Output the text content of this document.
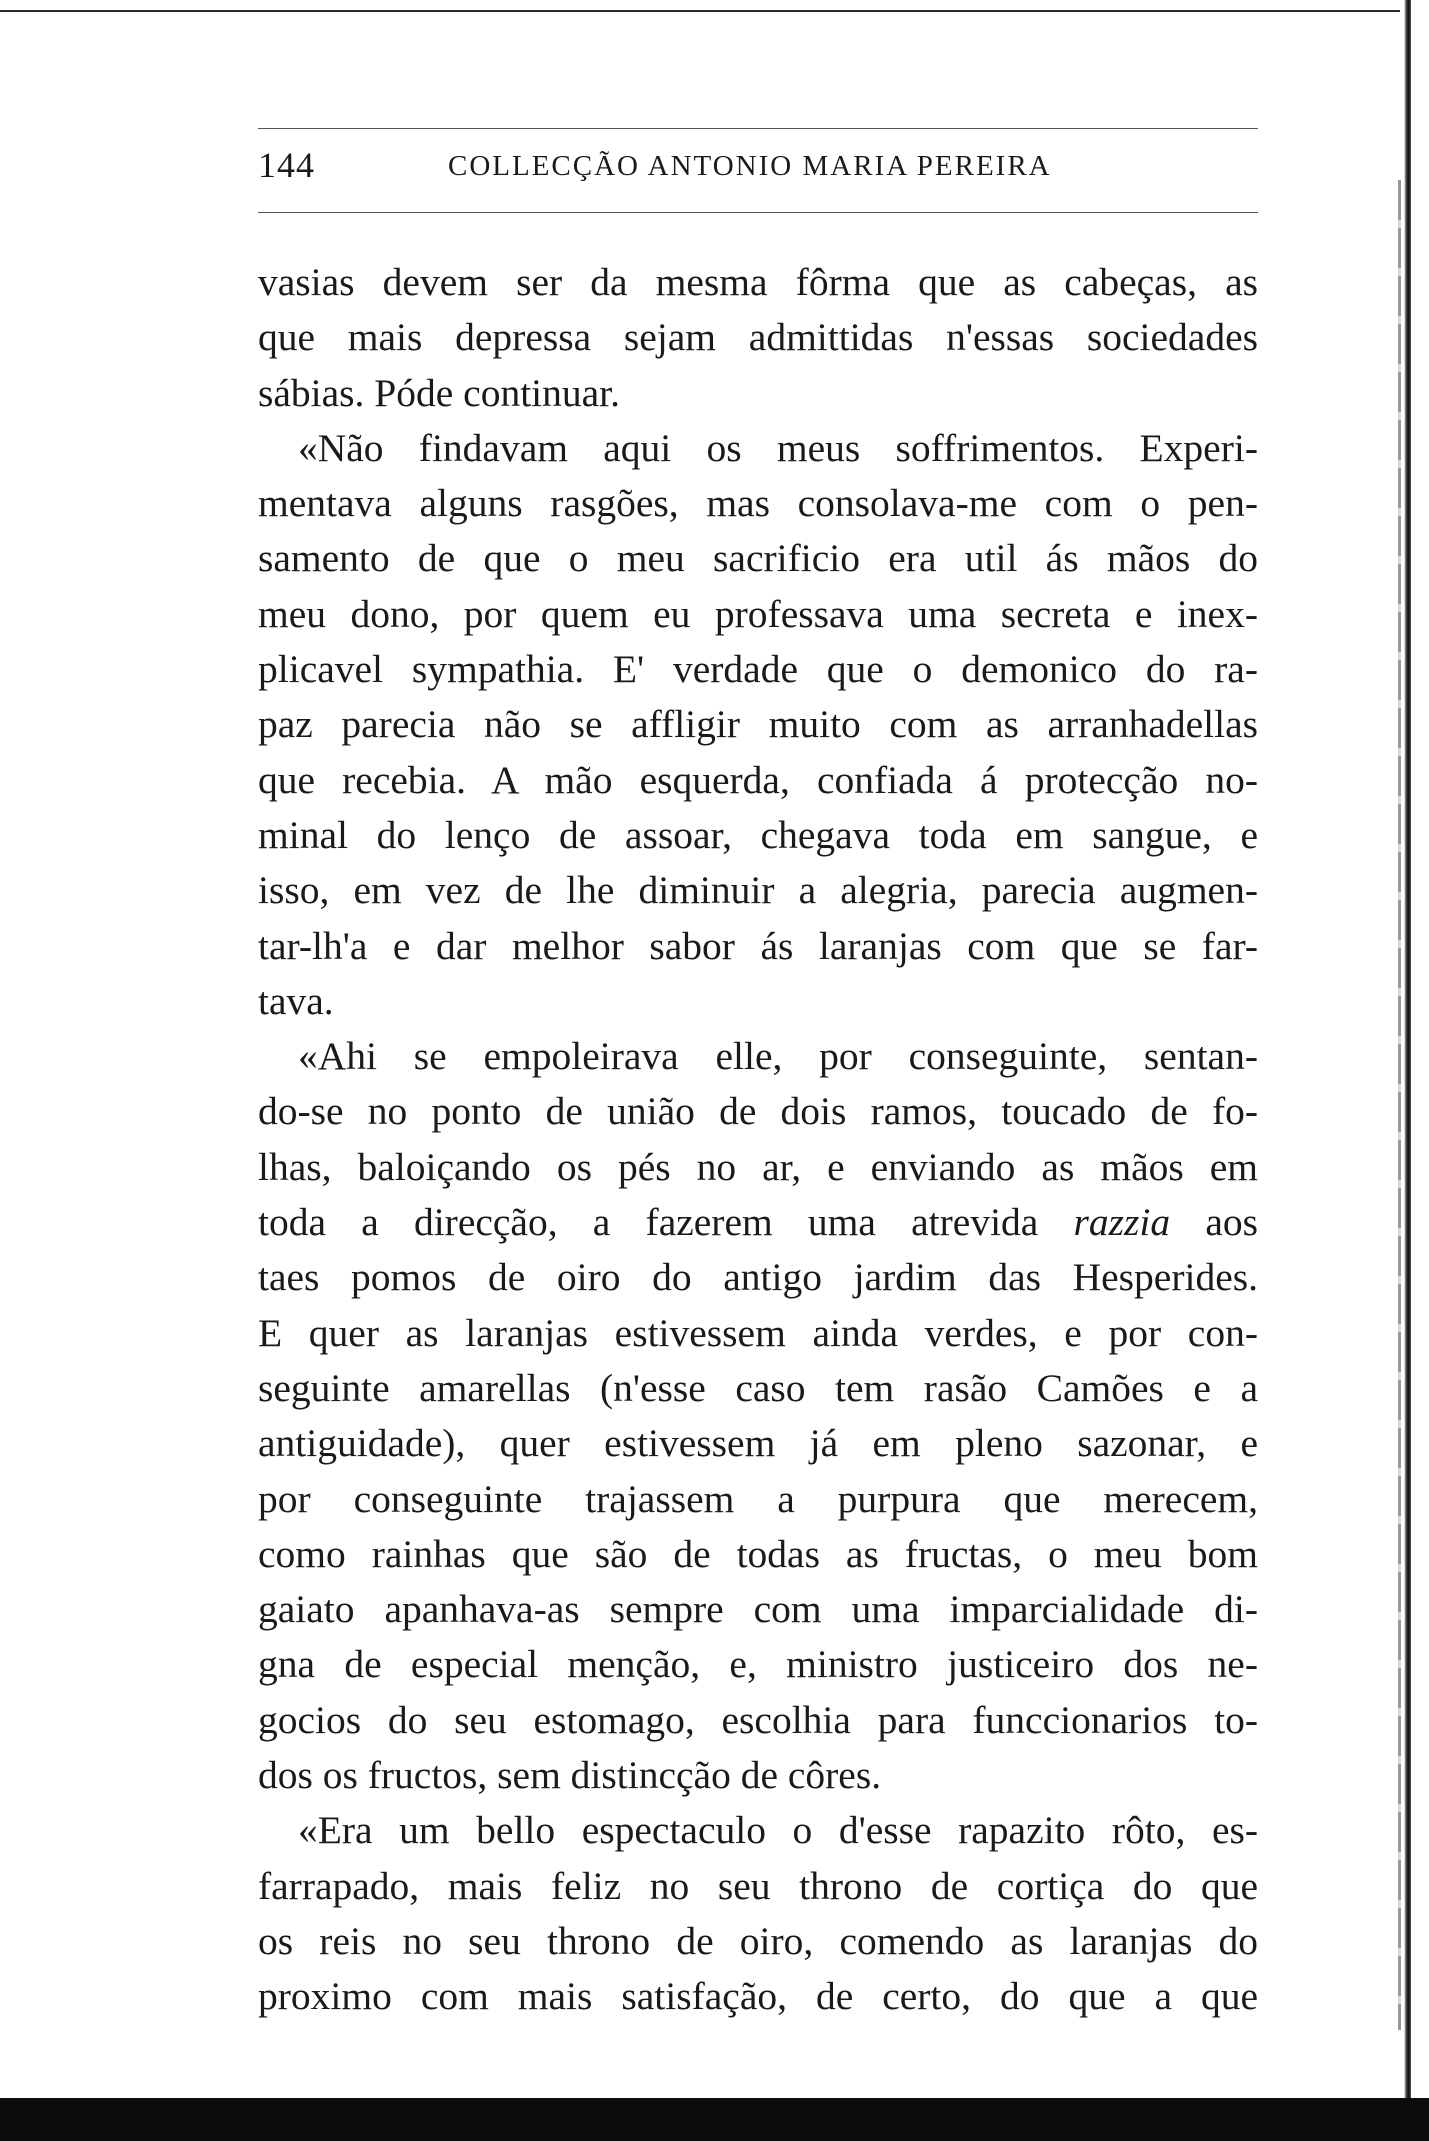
144	COLLECÇÃO ANTONIO MARIA PEREIRA

vasias devem ser da mesma fôrma que as cabeças, as
que mais depressa sejam admittidas n'essas sociedades
sábias. Póde continuar.

«Não findavam aqui os meus soffrimentos. Experi-
mentava alguns rasgões, mas consolava-me com o pen-
samento de que o meu sacrificio era util ás mãos do
meu dono, por quem eu professava uma secreta e inex-
plicavel sympathia. E' verdade que o demonico do ra-
paz parecia não se affligir muito com as arranhadellas
que recebia. A mão esquerda, confiada á protecção no-
minal do lenço de assoar, chegava toda em sangue, e
isso, em vez de lhe diminuir a alegria, parecia augmen-
tar-lh'a e dar melhor sabor ás laranjas com que se far-
tava.

«Ahi se empoleirava elle, por conseguinte, sentan-
do-se no ponto de união de dois ramos, toucado de fo-
lhas, baloiçando os pés no ar, e enviando as mãos em
toda a direcção, a fazerem uma atrevida razzia aos
taes pomos de oiro do antigo jardim das Hesperides.
E quer as laranjas estivessem ainda verdes, e por con-
seguinte amarellas (n'esse caso tem rasão Camões e a
antiguidade), quer estivessem já em pleno sazonar, e
por conseguinte trajassem a purpura que merecem,
como rainhas que são de todas as fructas, o meu bom
gaiato apanhava-as sempre com uma imparcialidade di-
gna de especial menção, e, ministro justiceiro dos ne-
gocios do seu estomago, escolhia para funccionarios to-
dos os fructos, sem distincção de côres.

«Era um bello espectaculo o d'esse rapazito rôto, es-
farrapado, mais feliz no seu throno de cortiça do que
os reis no seu throno de oiro, comendo as laranjas do
proximo com mais satisfação, de certo, do que a que
